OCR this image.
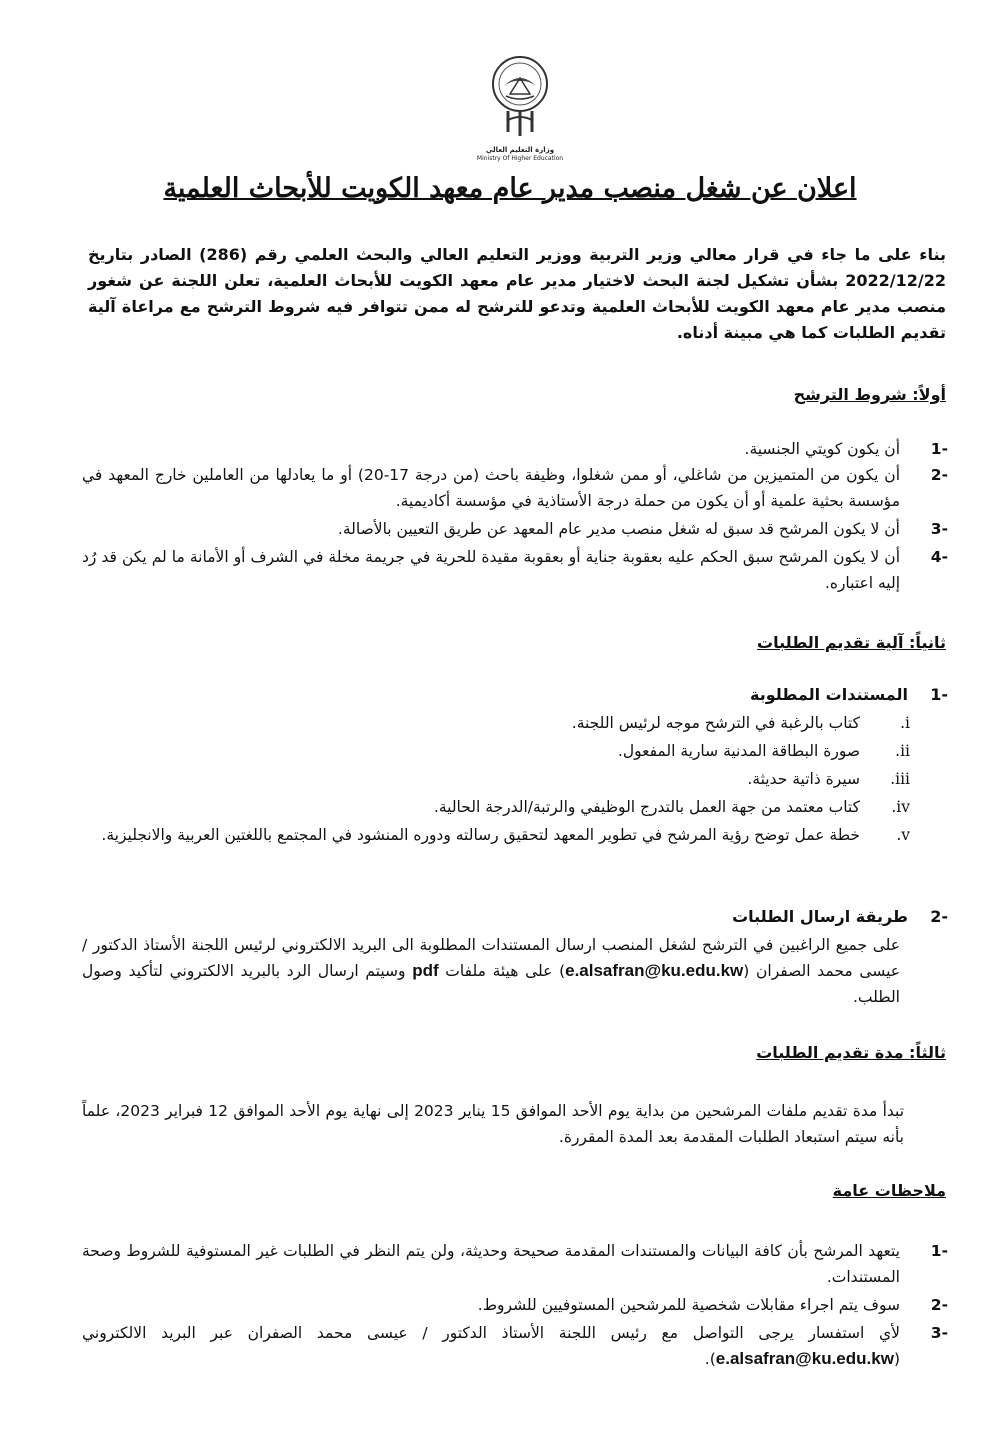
وزارة التعليم العالي
Ministry Of Higher Education
اعلان عن شغل منصب مدير عام معهد الكويت للأبحاث العلمية
بناء على ما جاء في قرار معالي وزير التربية ووزير التعليم العالي والبحث العلمي رقم (286) الصادر بتاريخ 2022/12/22 بشأن تشكيل لجنة البحث لاختيار مدير عام معهد الكويت للأبحاث العلمية، تعلن اللجنة عن شغور منصب مدير عام معهد الكويت للأبحاث العلمية وتدعو للترشح له ممن تتوافر فيه شروط الترشح مع مراعاة آلية تقديم الطلبات كما هي مبينة أدناه.
أولاً: شروط الترشح
-1
أن يكون كويتي الجنسية.
-2
أن يكون من المتميزين من شاغلي، أو ممن شغلوا، وظيفة باحث (من درجة 17-20) أو ما يعادلها من العاملين خارج المعهد في مؤسسة بحثية علمية أو أن يكون من حملة درجة الأستاذية في مؤسسة أكاديمية.
-3
أن لا يكون المرشح قد سبق له شغل منصب مدير عام المعهد عن طريق التعيين بالأصالة.
-4
أن لا يكون المرشح سبق الحكم عليه بعقوبة جناية أو بعقوبة مقيدة للحرية في جريمة مخلة في الشرف أو الأمانة ما لم يكن قد رُد إليه اعتباره.
ثانياً: آلية تقديم الطلبات
-1المستندات المطلوبة
.i
كتاب بالرغبة في الترشح موجه لرئيس اللجنة.
.ii
صورة البطاقة المدنية سارية المفعول.
.iii
سيرة ذاتية حديثة.
.iv
كتاب معتمد من جهة العمل بالتدرج الوظيفي والرتبة/الدرجة الحالية.
.v
خطة عمل توضح رؤية المرشح في تطوير المعهد لتحقيق رسالته ودوره المنشود في المجتمع باللغتين العربية والانجليزية.
-2طريقة ارسال الطلبات
على جميع الراغبين في الترشح لشغل المنصب ارسال المستندات المطلوبة الى البريد الالكتروني لرئيس اللجنة الأستاذ الدكتور / عيسى محمد الصفران (e.alsafran@ku.edu.kw) على هيئة ملفات pdf وسيتم ارسال الرد بالبريد الالكتروني لتأكيد وصول الطلب.
ثالثاً: مدة تقديم الطلبات
تبدأ مدة تقديم ملفات المرشحين من بداية يوم الأحد الموافق 15 يناير 2023 إلى نهاية يوم الأحد الموافق 12 فبراير 2023، علماً بأنه سيتم استبعاد الطلبات المقدمة بعد المدة المقررة.
ملاحظات عامة
-1
يتعهد المرشح بأن كافة البيانات والمستندات المقدمة صحيحة وحديثة، ولن يتم النظر في الطلبات غير المستوفية للشروط وصحة المستندات.
-2
سوف يتم اجراء مقابلات شخصية للمرشحين المستوفيين للشروط.
-3
لأي استفسار يرجى التواصل مع رئيس اللجنة الأستاذ الدكتور / عيسى محمد الصفران عبر البريد الالكتروني (e.alsafran@ku.edu.kw).
